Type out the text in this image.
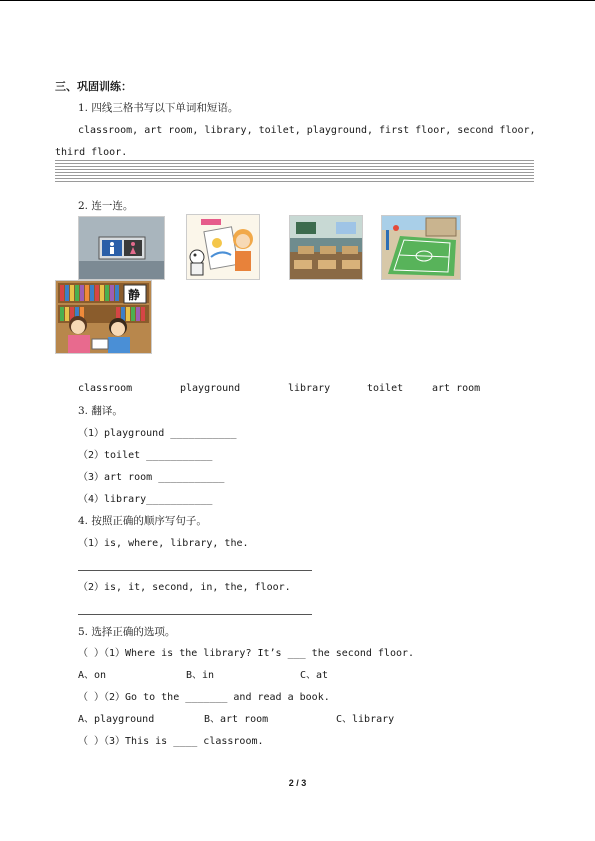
三、巩固训练：
1. 四线三格书写以下单词和短语。
classroom, art room, library, toilet, playground, first floor, second floor,
third floor.
2. 连一连。
静
classroom	playground	library	toilet	art room
3. 翻译。
（1）playground ___________
（2）toilet ___________
（3）art room ___________
（4）library___________
4. 按照正确的顺序写句子。
（1）is, where, library, the.
（2）is, it, second, in, the, floor.
5. 选择正确的选项。
（ ）（1）Where is the library? It’s ___ the second floor.
A、on	B、in	C、at
（ ）（2）Go to the _______ and read a book.
A、playground	B、art room	C、library
（ ）（3）This is ____ classroom.
2 / 3
